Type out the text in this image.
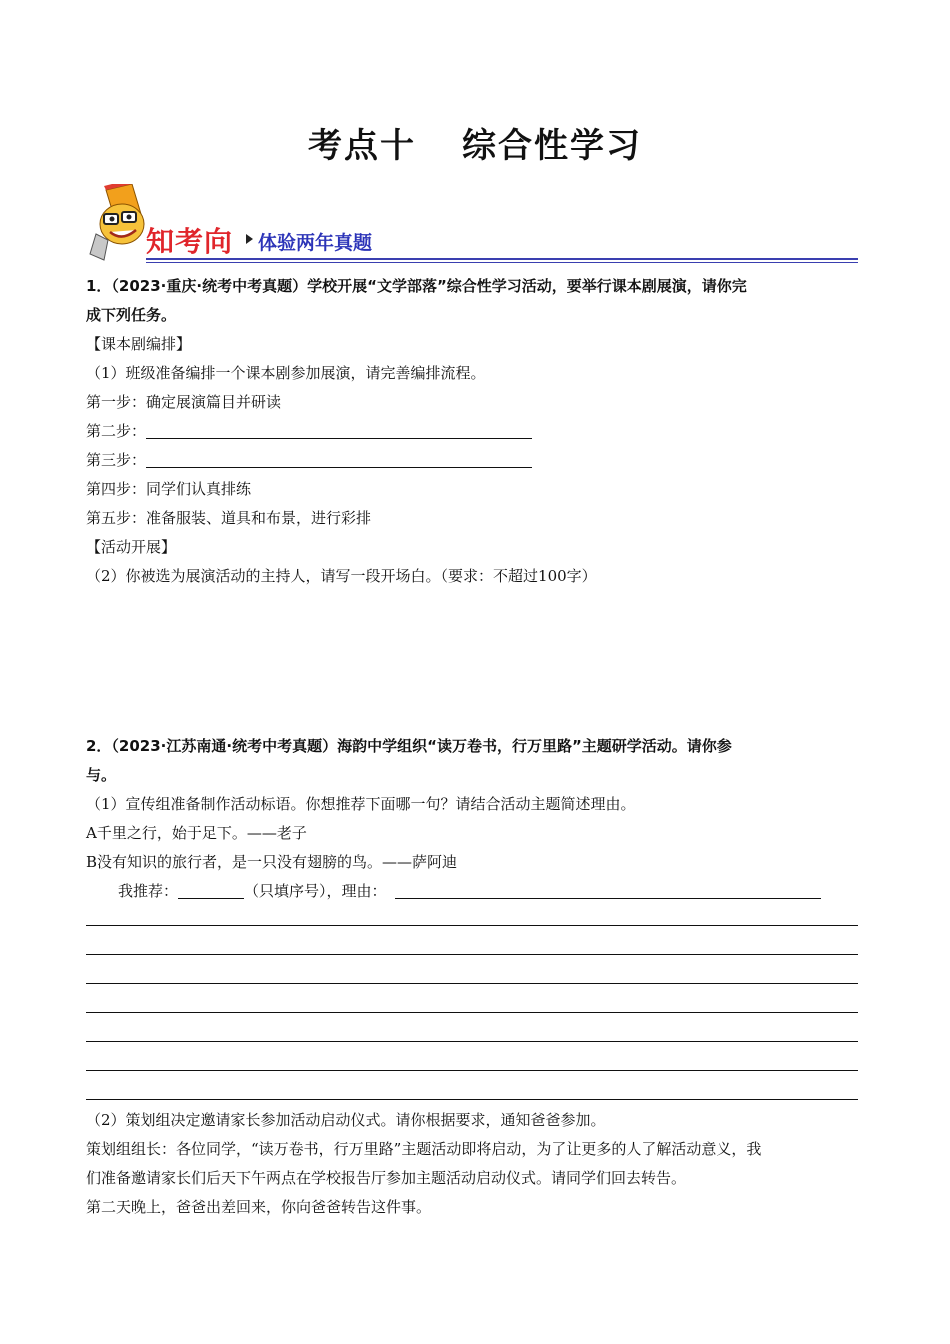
考点十 综合性学习
知考向 体验两年真题
1．（2023·重庆·统考中考真题）学校开展“文学部落”综合性学习活动，要举行课本剧展演，请你完
成下列任务。
【课本剧编排】
（1）班级准备编排一个课本剧参加展演，请完善编排流程。
第一步：确定展演篇目并研读
第二步：
第三步：
第四步：同学们认真排练
第五步：准备服装、道具和布景，进行彩排
【活动开展】
（2）你被选为展演活动的主持人，请写一段开场白。（要求：不超过100字）
2．（2023·江苏南通·统考中考真题）海韵中学组织“读万卷书，行万里路”主题研学活动。请你参
与。
（1）宣传组准备制作活动标语。你想推荐下面哪一句？请结合活动主题简述理由。
A千里之行，始于足下。——老子
B没有知识的旅行者，是一只没有翅膀的鸟。——萨阿迪
我推荐：	（只填序号），理由：
（2）策划组决定邀请家长参加活动启动仪式。请你根据要求，通知爸爸参加。
策划组组长：各位同学，“读万卷书，行万里路”主题活动即将启动，为了让更多的人了解活动意义，我
们准备邀请家长们后天下午两点在学校报告厅参加主题活动启动仪式。请同学们回去转告。
第二天晚上，爸爸出差回来，你向爸爸转告这件事。
